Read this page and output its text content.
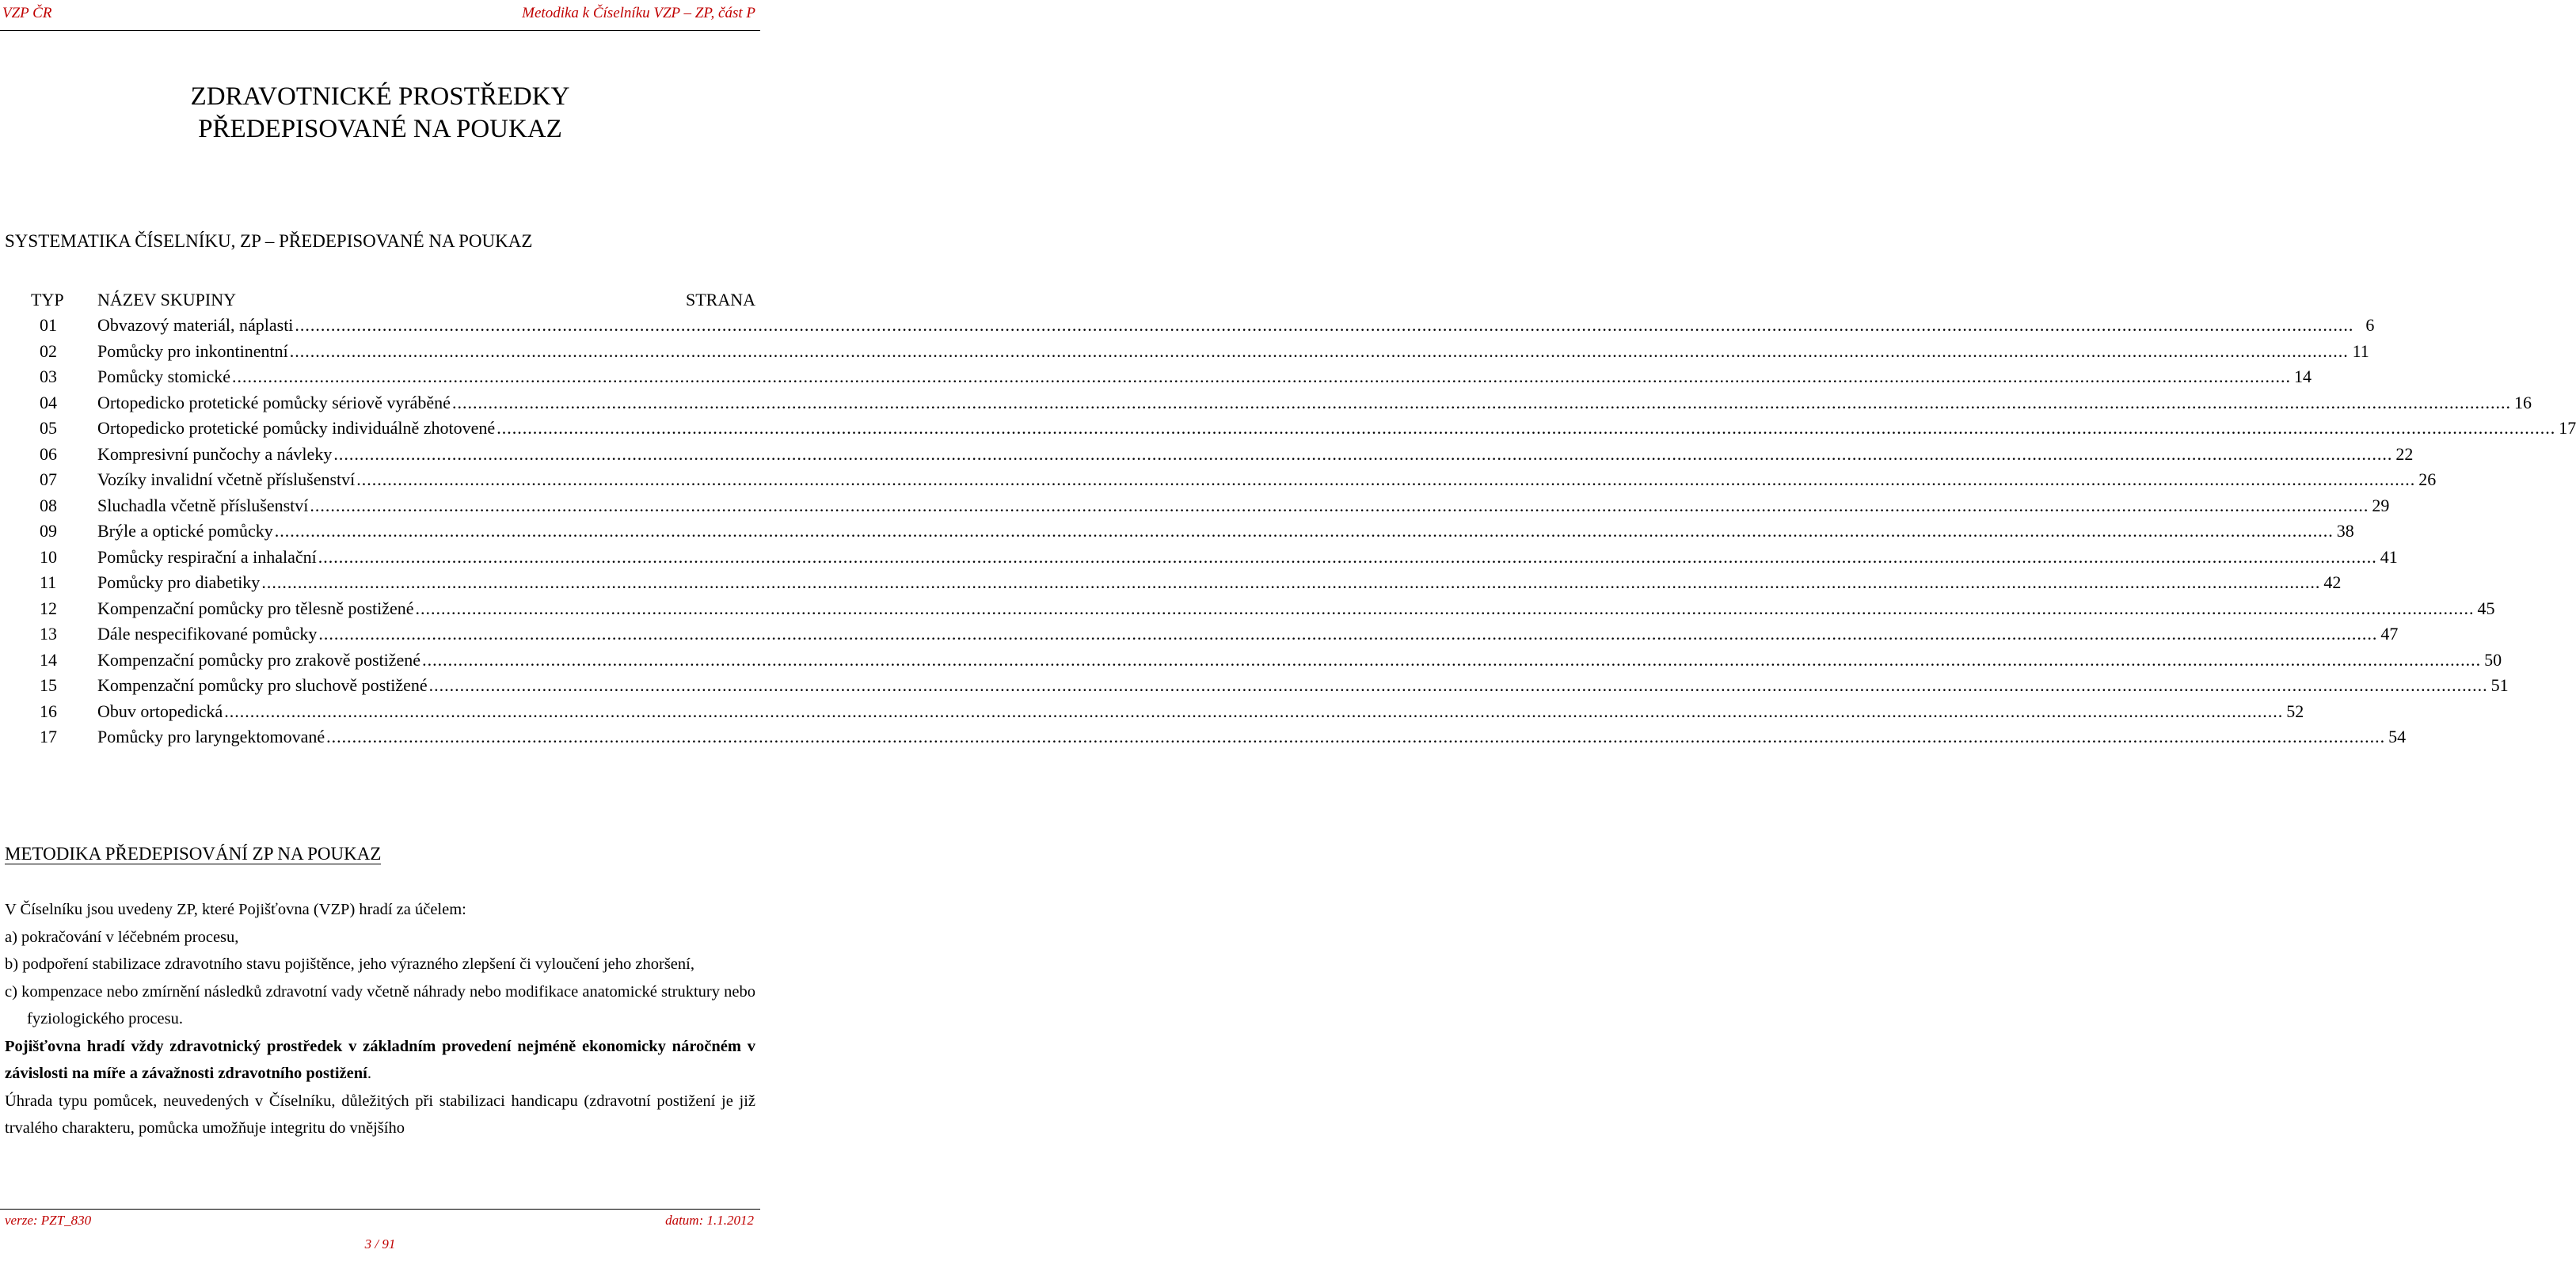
VZP ČR	Metodika k Číselníku VZP – ZP, část P
ZDRAVOTNICKÉ PROSTŘEDKY
PŘEDEPISOVANÉ NA POUKAZ
SYSTEMATIKA ČÍSELNÍKU, ZP – PŘEDEPISOVANÉ NA POUKAZ
TYP NÁZEV SKUPINY	STRANA
01 Obvazový materiál, náplasti ................................................................................................................................................................................................................................................................................................................................................................................................................ 6
02 Pomůcky pro inkontinentní ................................................................................................................................................................................................................................................................................................................................................................................................................ 11
03 Pomůcky stomické ................................................................................................................................................................................................................................................................................................................................................................................................................ 14
04 Ortopedicko protetické pomůcky sériově vyráběné ................................................................................................................................................................................................................................................................................................................................................................................................................ 16
05 Ortopedicko protetické pomůcky individuálně zhotovené ................................................................................................................................................................................................................................................................................................................................................................................................................ 17
06 Kompresivní punčochy a návleky ................................................................................................................................................................................................................................................................................................................................................................................................................ 22
07 Vozíky invalidní včetně příslušenství ................................................................................................................................................................................................................................................................................................................................................................................................................ 26
08 Sluchadla včetně příslušenství ................................................................................................................................................................................................................................................................................................................................................................................................................ 29
09 Brýle a optické pomůcky ................................................................................................................................................................................................................................................................................................................................................................................................................ 38
10 Pomůcky respirační a inhalační ................................................................................................................................................................................................................................................................................................................................................................................................................ 41
11 Pomůcky pro diabetiky ................................................................................................................................................................................................................................................................................................................................................................................................................ 42
12 Kompenzační pomůcky pro tělesně postižené ................................................................................................................................................................................................................................................................................................................................................................................................................ 45
13 Dále nespecifikované pomůcky ................................................................................................................................................................................................................................................................................................................................................................................................................ 47
14 Kompenzační pomůcky pro zrakově postižené ................................................................................................................................................................................................................................................................................................................................................................................................................ 50
15 Kompenzační pomůcky pro sluchově postižené ................................................................................................................................................................................................................................................................................................................................................................................................................ 51
16 Obuv ortopedická ................................................................................................................................................................................................................................................................................................................................................................................................................ 52
17 Pomůcky pro laryngektomované ................................................................................................................................................................................................................................................................................................................................................................................................................ 54
METODIKA PŘEDEPISOVÁNÍ ZP NA POUKAZ

V Číselníku jsou uvedeny ZP, které Pojišťovna (VZP) hradí za účelem:

a) pokračování v léčebném procesu,

b) podpoření stabilizace zdravotního stavu pojištěnce, jeho výrazného zlepšení či vyloučení jeho zhoršení,

c) kompenzace nebo zmírnění následků zdravotní vady včetně náhrady nebo modifikace anatomické struktury nebo fyziologického procesu.

Pojišťovna hradí vždy zdravotnický prostředek v základním provedení nejméně ekonomicky náročném v závislosti na míře a závažnosti zdravotního postižení.

Úhrada typu pomůcek, neuvedených v Číselníku, důležitých při stabilizaci handicapu (zdravotní postižení je již trvalého charakteru, pomůcka umožňuje integritu do vnějšího

verze: PZT_830	datum: 1.1.2012
3 / 91
